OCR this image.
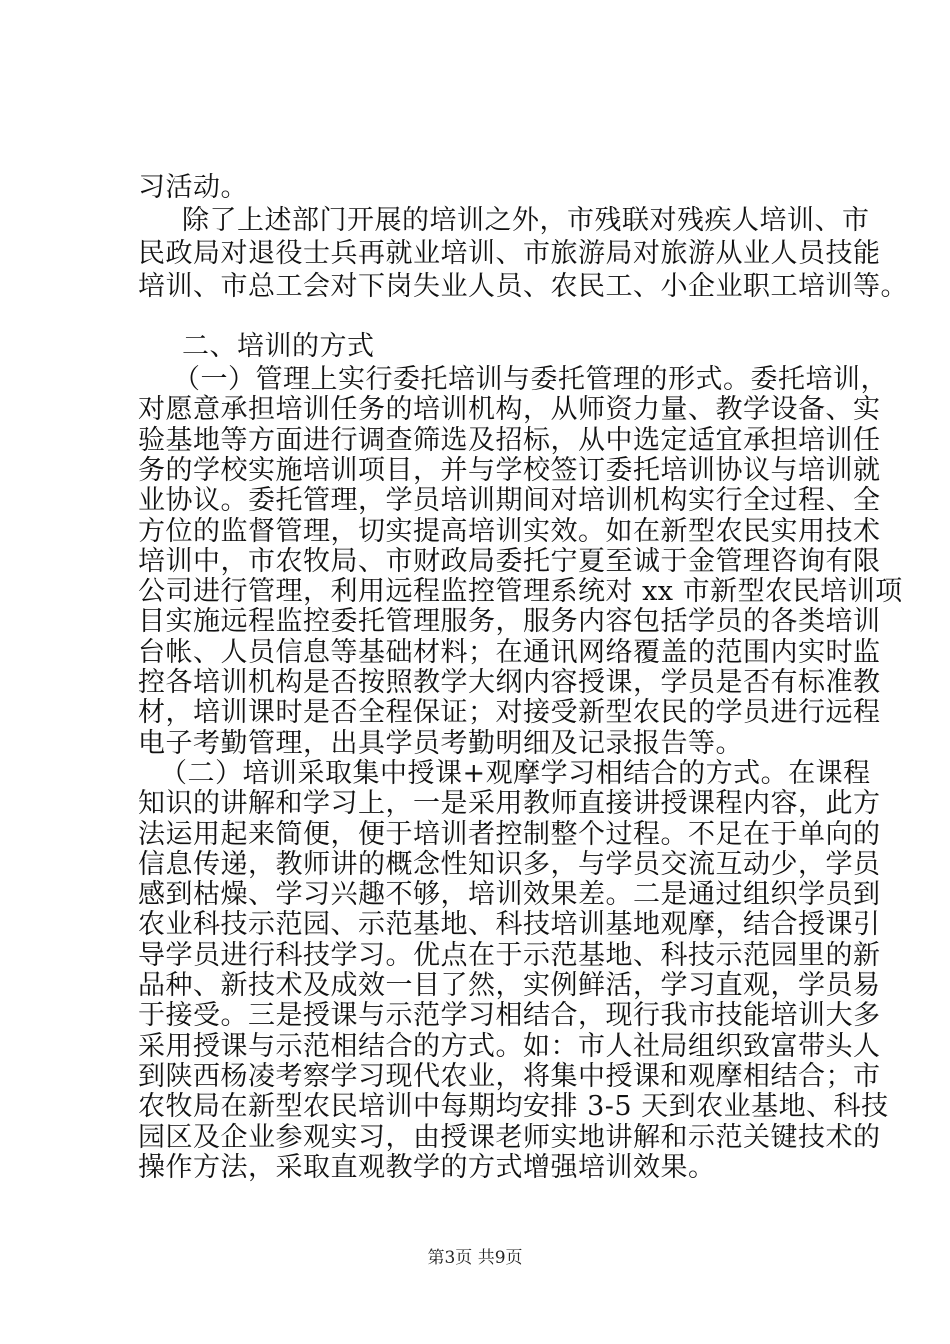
习活动。
除了上述部门开展的培训之外，市残联对残疾人培训、市
民政局对退役士兵再就业培训、市旅游局对旅游从业人员技能
培训、市总工会对下岗失业人员、农民工、小企业职工培训等。
二、培训的方式
（一）管理上实行委托培训与委托管理的形式。委托培训，
对愿意承担培训任务的培训机构，从师资力量、教学设备、实
验基地等方面进行调查筛选及招标，从中选定适宜承担培训任
务的学校实施培训项目，并与学校签订委托培训协议与培训就
业协议。委托管理，学员培训期间对培训机构实行全过程、全
方位的监督管理，切实提高培训实效。如在新型农民实用技术
培训中，市农牧局、市财政局委托宁夏至诚于金管理咨询有限
公司进行管理，利用远程监控管理系统对 xx 市新型农民培训项
目实施远程监控委托管理服务，服务内容包括学员的各类培训
台帐、人员信息等基础材料；在通讯网络覆盖的范围内实时监
控各培训机构是否按照教学大纲内容授课，学员是否有标准教
材，培训课时是否全程保证；对接受新型农民的学员进行远程
电子考勤管理，出具学员考勤明细及记录报告等。
（二）培训采取集中授课+观摩学习相结合的方式。在课程
知识的讲解和学习上，一是采用教师直接讲授课程内容，此方
法运用起来简便，便于培训者控制整个过程。不足在于单向的
信息传递，教师讲的概念性知识多，与学员交流互动少，学员
感到枯燥、学习兴趣不够，培训效果差。二是通过组织学员到
农业科技示范园、示范基地、科技培训基地观摩，结合授课引
导学员进行科技学习。优点在于示范基地、科技示范园里的新
品种、新技术及成效一目了然，实例鲜活，学习直观，学员易
于接受。三是授课与示范学习相结合，现行我市技能培训大多
采用授课与示范相结合的方式。如：市人社局组织致富带头人
到陕西杨凌考察学习现代农业，将集中授课和观摩相结合；市
农牧局在新型农民培训中每期均安排 3-5 天到农业基地、科技
园区及企业参观实习，由授课老师实地讲解和示范关键技术的
第3页 共9页
操作方法，采取直观教学的方式增强培训效果。
